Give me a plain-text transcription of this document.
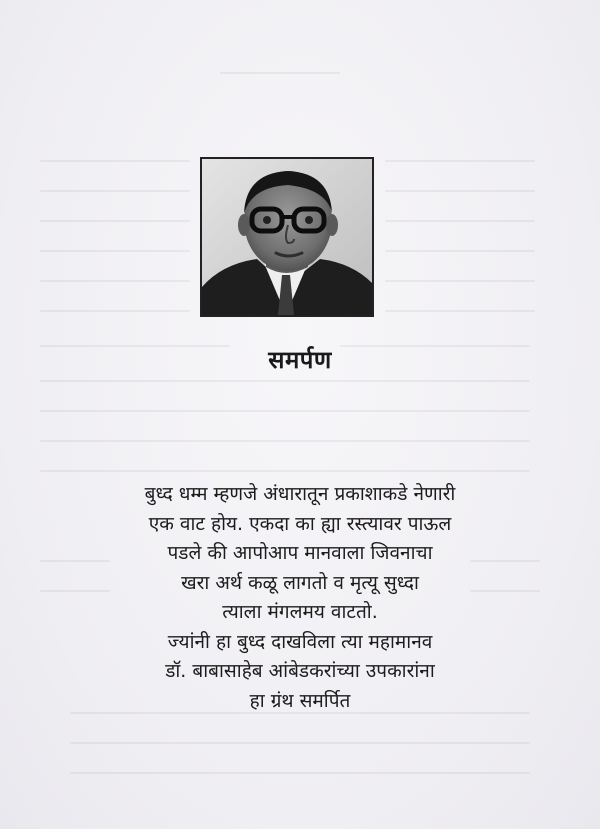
समर्पण
बुध्द धम्म म्हणजे अंधारातून प्रकाशाकडे नेणारी
एक वाट होय. एकदा का ह्या रस्त्यावर पाऊल
पडले की आपोआप मानवाला जिवनाचा
खरा अर्थ कळू लागतो व मृत्यू सुध्दा
त्याला मंगलमय वाटतो.
ज्यांनी हा बुध्द दाखविला त्या महामानव
डॉ. बाबासाहेब आंबेडकरांच्या उपकारांना
हा ग्रंथ समर्पित
